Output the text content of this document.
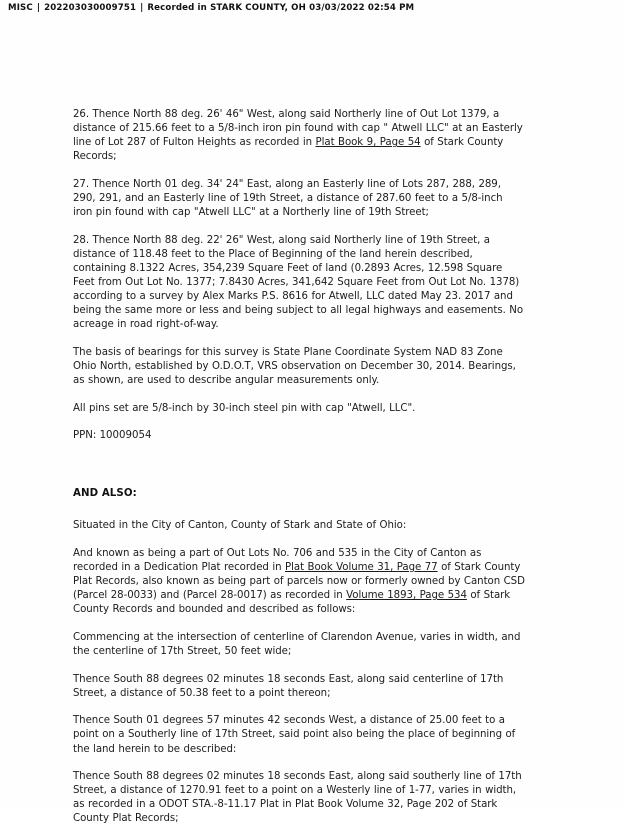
MISC | 202203030009751 | Recorded in STARK COUNTY, OH 03/03/2022 02:54 PM

26. Thence North 88 deg. 26' 46" West, along said Northerly line of Out Lot 1379, a distance of 215.66 feet to a 5/8-inch iron pin found with cap " Atwell LLC" at an Easterly line of Lot 287 of Fulton Heights as recorded in Plat Book 9, Page 54 of Stark County Records;

27. Thence North 01 deg. 34' 24" East, along an Easterly line of Lots 287, 288, 289, 290, 291, and an Easterly line of 19th Street, a distance of 287.60 feet to a 5/8-inch iron pin found with cap "Atwell LLC" at a Northerly line of 19th Street;

28. Thence North 88 deg. 22' 26" West, along said Northerly line of 19th Street, a distance of 118.48 feet to the Place of Beginning of the land herein described, containing 8.1322 Acres, 354,239 Square Feet of land (0.2893 Acres, 12.598 Square Feet from Out Lot No. 1377; 7.8430 Acres, 341,642 Square Feet from Out Lot No. 1378) according to a survey by Alex Marks P.S. 8616 for Atwell, LLC dated May 23. 2017 and being the same more or less and being subject to all legal highways and easements. No acreage in road right-of-way.

The basis of bearings for this survey is State Plane Coordinate System NAD 83 Zone Ohio North, established by O.D.O.T, VRS observation on December 30, 2014. Bearings, as shown, are used to describe angular measurements only.

All pins set are 5/8-inch by 30-inch steel pin with cap "Atwell, LLC".

PPN: 10009054

AND ALSO:

Situated in the City of Canton, County of Stark and State of Ohio:

And known as being a part of Out Lots No. 706 and 535 in the City of Canton as recorded in a Dedication Plat recorded in Plat Book Volume 31, Page 77 of Stark County Plat Records, also known as being part of parcels now or formerly owned by Canton CSD (Parcel 28-0033) and (Parcel 28-0017) as recorded in Volume 1893, Page 534 of Stark County Records and bounded and described as follows:

Commencing at the intersection of centerline of Clarendon Avenue, varies in width, and the centerline of 17th Street, 50 feet wide;

Thence South 88 degrees 02 minutes 18 seconds East, along said centerline of 17th Street, a distance of 50.38 feet to a point thereon;

Thence South 01 degrees 57 minutes 42 seconds West, a distance of 25.00 feet to a point on a Southerly line of 17th Street, said point also being the place of beginning of the land herein to be described:

Thence South 88 degrees 02 minutes 18 seconds East, along said southerly line of 17th Street, a distance of 1270.91 feet to a point on a Westerly line of 1-77, varies in width, as recorded in a ODOT STA.-8-11.17 Plat in Plat Book Volume 32, Page 202 of Stark County Plat Records;
